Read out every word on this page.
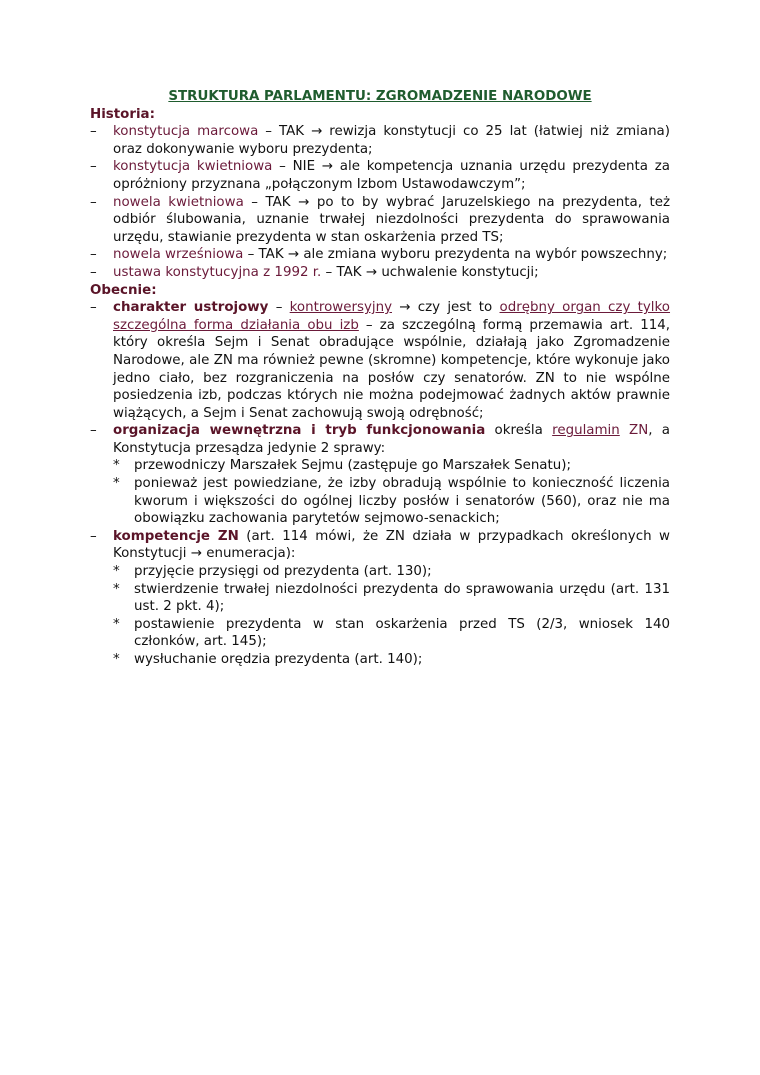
STRUKTURA PARLAMENTU: ZGROMADZENIE NARODOWE
Historia:
– konstytucja marcowa – TAK → rewizja konstytucji co 25 lat (łatwiej niż zmiana) oraz dokonywanie wyboru prezydenta;
– konstytucja kwietniowa – NIE → ale kompetencja uznania urzędu prezydenta za opróżniony przyznana „połączonym Izbom Ustawodawczym”;
– nowela kwietniowa – TAK → po to by wybrać Jaruzelskiego na prezydenta, też odbiór ślubowania, uznanie trwałej niezdolności prezydenta do sprawowania urzędu, stawianie prezydenta w stan oskarżenia przed TS;
– nowela wrześniowa – TAK → ale zmiana wyboru prezydenta na wybór powszechny;
– ustawa konstytucyjna z 1992 r. – TAK → uchwalenie konstytucji;
Obecnie:
– charakter ustrojowy – kontrowersyjny → czy jest to odrębny organ czy tylko szczególna forma działania obu izb – za szczególną formą przemawia art. 114, który określa Sejm i Senat obradujące wspólnie, działają jako Zgromadzenie Narodowe, ale ZN ma również pewne (skromne) kompetencje, które wykonuje jako jedno ciało, bez rozgraniczenia na posłów czy senatorów. ZN to nie wspólne posiedzenia izb, podczas których nie można podejmować żadnych aktów prawnie wiążących, a Sejm i Senat zachowują swoją odrębność;
– organizacja wewnętrzna i tryb funkcjonowania określa regulamin ZN, a Konstytucja przesądza jedynie 2 sprawy:
* przewodniczy Marszałek Sejmu (zastępuje go Marszałek Senatu);
* ponieważ jest powiedziane, że izby obradują wspólnie to konieczność liczenia kworum i większości do ogólnej liczby posłów i senatorów (560), oraz nie ma obowiązku zachowania parytetów sejmowo-senackich;
– kompetencje ZN (art. 114 mówi, że ZN działa w przypadkach określonych w Konstytucji → enumeracja):
* przyjęcie przysięgi od prezydenta (art. 130);
* stwierdzenie trwałej niezdolności prezydenta do sprawowania urzędu (art. 131 ust. 2 pkt. 4);
* postawienie prezydenta w stan oskarżenia przed TS (2/3, wniosek 140 członków, art. 145);
* wysłuchanie orędzia prezydenta (art. 140);
